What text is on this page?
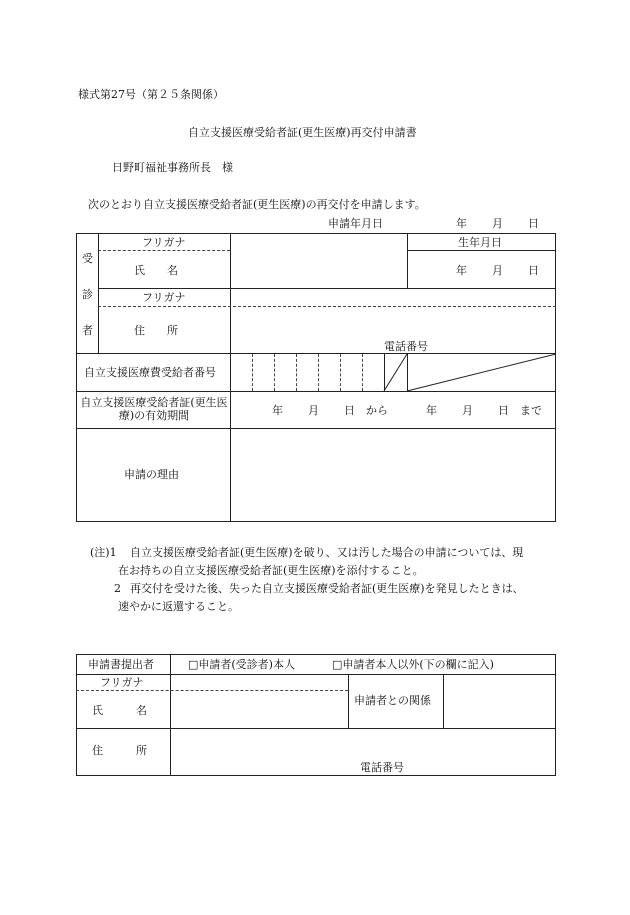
様式第27号（第２５条関係）
自立支援医療受給者証(更生医療)再交付申請書
日野町福祉事務所長　様
次のとおり自立支援医療受給者証(更生医療)の再交付を申請します。
申請年月日	年 月 日
受
診
者
フリガナ	生年月日
氏　　名	年 月 日
フリガナ
住　　所
電話番号
自立支援医療費受給者番号
自立支援医療受給者証(更生医療)の有効期間	年 月 日 から	年 月 日 まで
申請の理由
(注)1 自立支援医療受給者証(更生医療)を破り、又は汚した場合の申請については、現
在お持ちの自立支援医療受給者証(更生医療)を添付すること。
2 再交付を受けた後、失った自立支援医療受給者証(更生医療)を発見したときは、
速やかに返還すること。
申請書提出者	□申請者(受診者)本人	□申請者本人以外(下の欄に記入)
フリガナ
氏　　　名
申請者との関係
住　　　所
電話番号
